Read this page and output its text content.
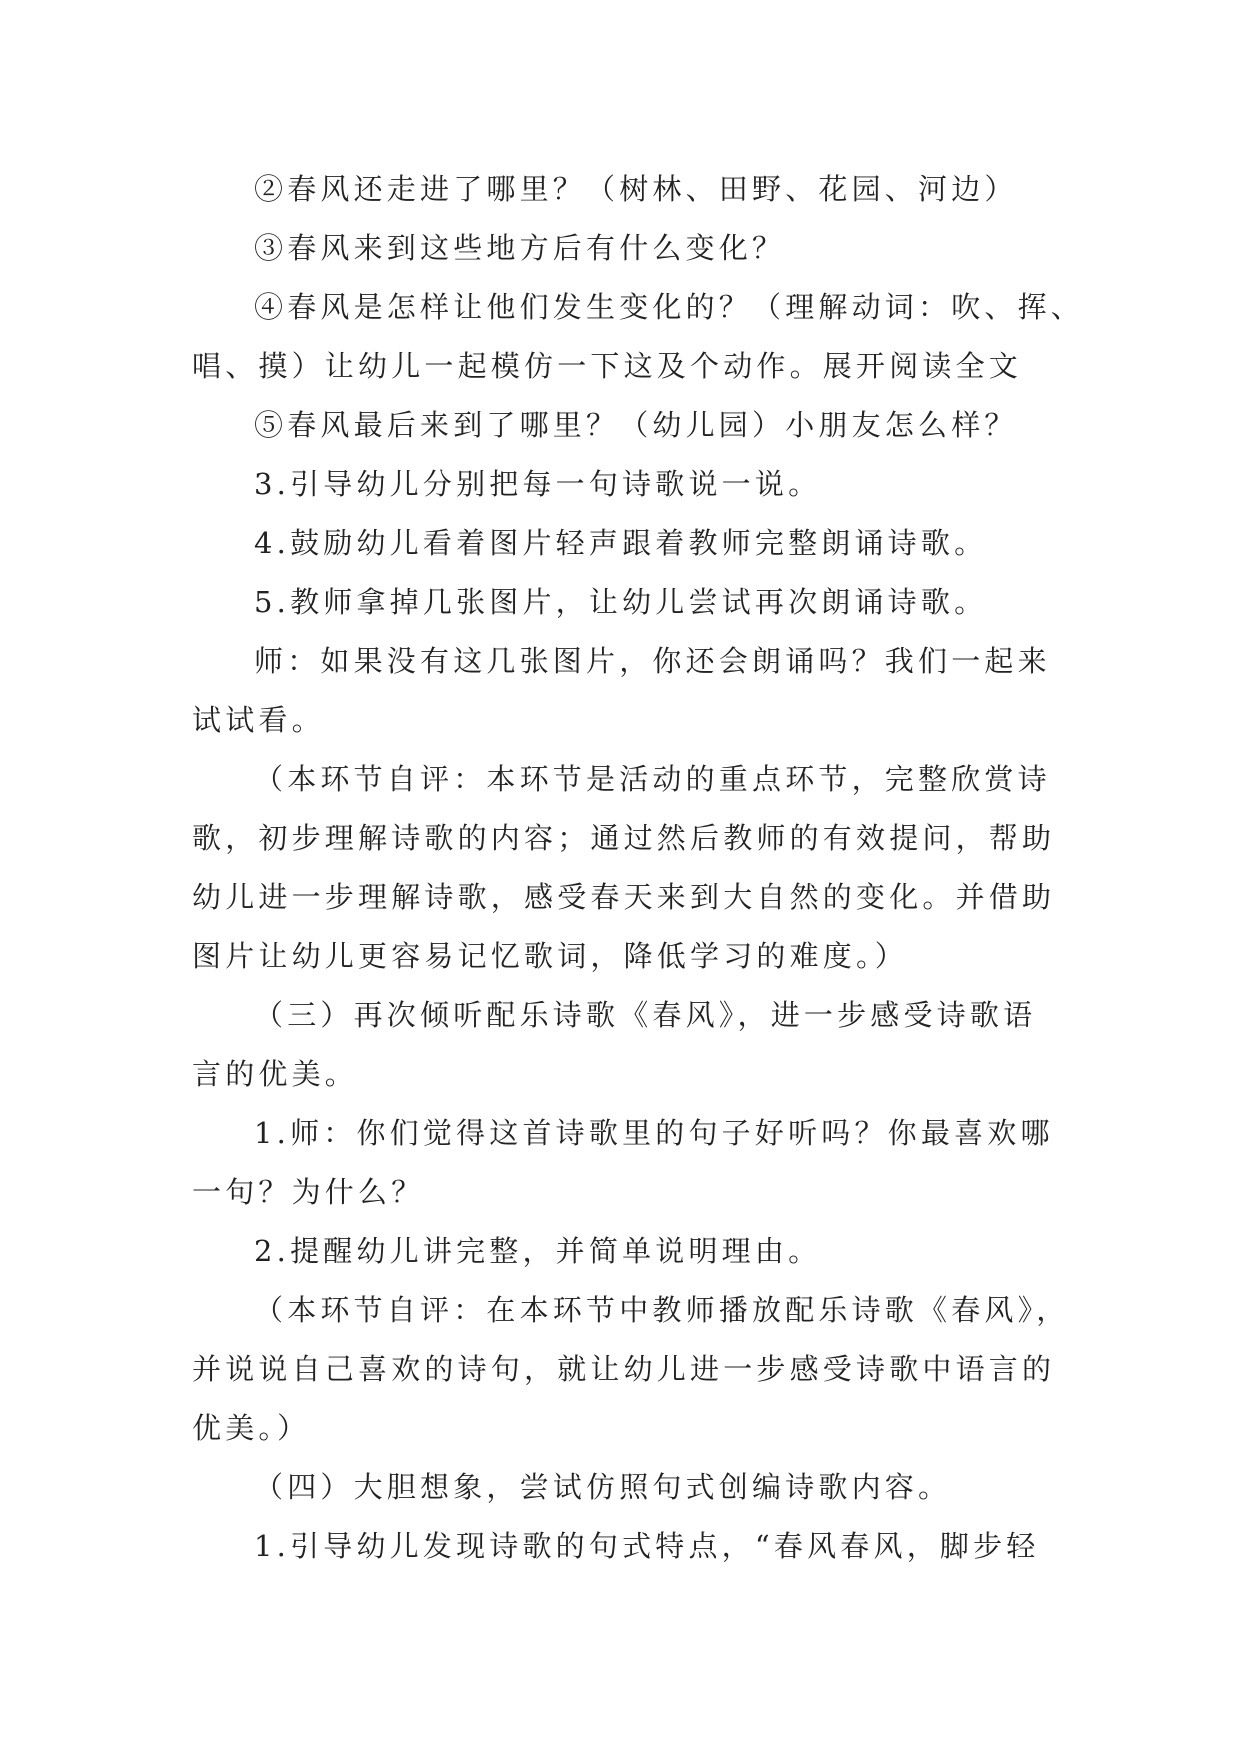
②春风还走进了哪里？（树林、田野、花园、河边）

③春风来到这些地方后有什么变化？

④春风是怎样让他们发生变化的？（理解动词：吹、挥、

唱、摸）让幼儿一起模仿一下这及个动作。展开阅读全文

⑤春风最后来到了哪里？（幼儿园）小朋友怎么样？

3.引导幼儿分别把每一句诗歌说一说。

4.鼓励幼儿看着图片轻声跟着教师完整朗诵诗歌。

5.教师拿掉几张图片，让幼儿尝试再次朗诵诗歌。

师：如果没有这几张图片，你还会朗诵吗？我们一起来

试试看。

（本环节自评：本环节是活动的重点环节，完整欣赏诗

歌，初步理解诗歌的内容；通过然后教师的有效提问，帮助

幼儿进一步理解诗歌，感受春天来到大自然的变化。并借助

图片让幼儿更容易记忆歌词，降低学习的难度。）

（三）再次倾听配乐诗歌《春风》，进一步感受诗歌语

言的优美。

1.师：你们觉得这首诗歌里的句子好听吗？你最喜欢哪

一句？为什么？

2.提醒幼儿讲完整，并简单说明理由。

（本环节自评：在本环节中教师播放配乐诗歌《春风》，

并说说自己喜欢的诗句，就让幼儿进一步感受诗歌中语言的

优美。）

（四）大胆想象，尝试仿照句式创编诗歌内容。

1.引导幼儿发现诗歌的句式特点，“春风春风，脚步轻
